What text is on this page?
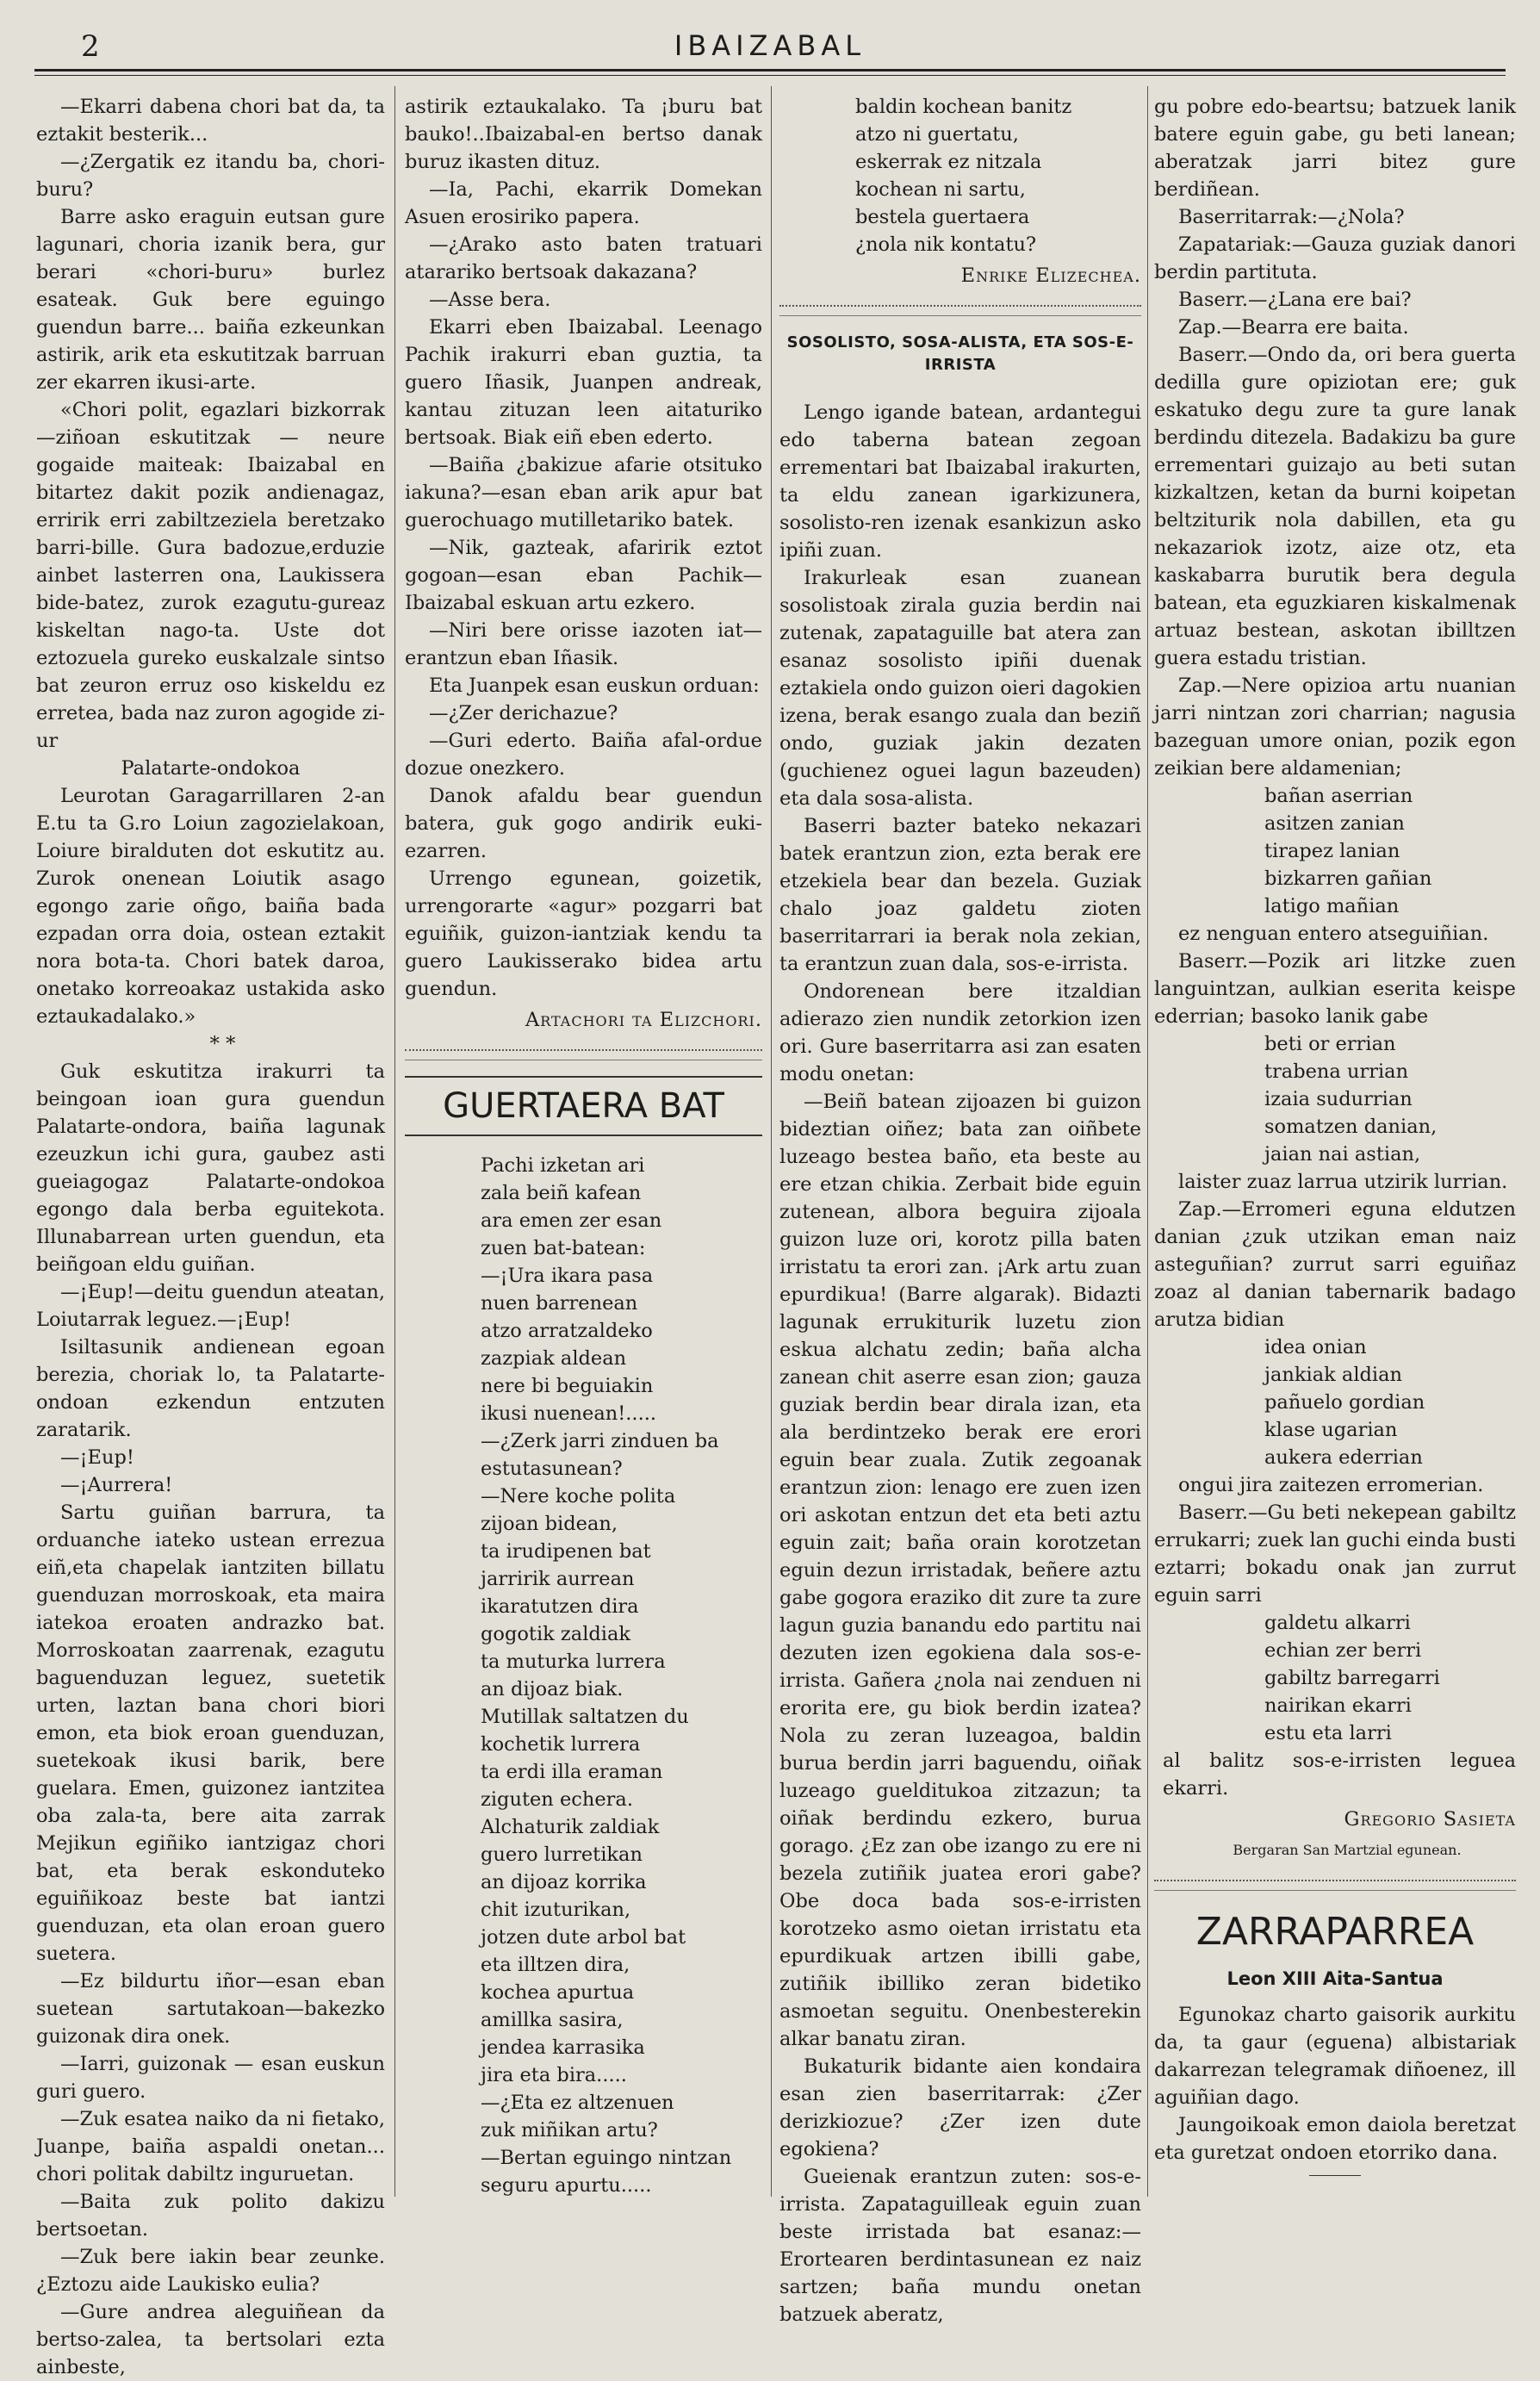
2	IBAIZABAL

—Ekarri dabena chori bat da, ta eztakit besterik...

—¿Zergatik ez itandu ba, chori-buru?

Barre asko eraguin eutsan gure lagunari, choria izanik bera, gur berari «chori-buru» burlez esateak. Guk bere eguingo guendun barre... baiña ezkeunkan astirik, arik eta eskutitzak barruan zer ekarren ikusi-arte.

«Chori polit, egazlari bizkorrak—ziñoan eskutitzak — neure gogaide maiteak: Ibaizabal en bitartez dakit pozik andienagaz, erririk erri zabiltzeziela beretzako barri-bille. Gura badozue,erduzie ainbet lasterren ona, Laukissera bide-batez, zurok ezagutu-gureaz kiskeltan nago-ta. Uste dot eztozuela gureko euskalzale sintso bat zeuron erruz oso kiskeldu ez erretea, bada naz zuron agogide zi-ur

Palatarte-ondokoa

Leurotan Garagarrillaren 2-an E.tu ta G.ro Loiun zagozielakoan, Loiure biralduten dot eskutitz au. Zurok onenean Loiutik asago egongo zarie oñgo, baiña bada ezpadan orra doia, ostean eztakit nora bota-ta. Chori batek daroa, onetako korreoakaz ustakida asko eztaukadalako.»

* *

Guk eskutitza irakurri ta beingoan ioan gura guendun Palatarte-ondora, baiña lagunak ezeuzkun ichi gura, gaubez asti gueiagogaz Palatarte-ondokoa egongo dala berba eguitekota. Illunabarrean urten guendun, eta beiñgoan eldu guiñan.

—¡Eup!—deitu guendun ateatan, Loiutarrak leguez.—¡Eup!

Isiltasunik andienean egoan berezia, choriak lo, ta Palatarte-ondoan ezkendun entzuten zaratarik.

—¡Eup!

—¡Aurrera!

Sartu guiñan barrura, ta orduanche iateko ustean errezua eiñ,eta chapelak iantziten billatu guenduzan morroskoak, eta maira iatekoa eroaten andrazko bat. Morroskoatan zaarrenak, ezagutu baguenduzan leguez, suetetik urten, laztan bana chori biori emon, eta biok eroan guenduzan, suetekoak ikusi barik, bere guelara. Emen, guizonez iantzitea oba zala-ta, bere aita zarrak Mejikun egiñiko iantzigaz chori bat, eta berak eskonduteko eguiñikoaz beste bat iantzi guenduzan, eta olan eroan guero suetera.

—Ez bildurtu iñor—esan eban suetean sartutakoan—bakezko guizonak dira onek.

—Iarri, guizonak — esan euskun guri guero.

—Zuk esatea naiko da ni fietako, Juanpe, baiña aspaldi onetan... chori politak dabiltz inguruetan.

—Baita zuk polito dakizu bertsoetan.

—Zuk bere iakin bear zeunke. ¿Eztozu aide Laukisko eulia?

—Gure andrea aleguiñean da bertso-zalea, ta bertsolari ezta ainbeste,

astirik eztaukalako. Ta ¡buru bat bauko!..Ibaizabal-en bertso danak buruz ikasten dituz.

—Ia, Pachi, ekarrik Domekan Asuen erosiriko papera.

—¿Arako asto baten tratuari atarariko bertsoak dakazana?

—Asse bera.

Ekarri eben Ibaizabal. Leenago Pachik irakurri eban guztia, ta guero Iñasik, Juanpen andreak, kantau zituzan leen aitaturiko bertsoak. Biak eiñ eben ederto.

—Baiña ¿bakizue afarie otsituko iakuna?—esan eban arik apur bat guerochuago mutilletariko batek.

—Nik, gazteak, afaririk eztot gogoan—esan eban Pachik—Ibaizabal eskuan artu ezkero.

—Niri bere orisse iazoten iat—erantzun eban Iñasik.

Eta Juanpek esan euskun orduan:

—¿Zer derichazue?

—Guri ederto. Baiña afal-ordue dozue onezkero.

Danok afaldu bear guendun batera, guk gogo andirik euki-ezarren.

Urrengo egunean, goizetik, urrengorarte «agur» pozgarri bat eguiñik, guizon-iantziak kendu ta guero Laukisserako bidea artu guendun.

Artachori ta Elizchori.

GUERTAERA BAT

Pachi izketan ari

zala beiñ kafean

ara emen zer esan

zuen bat-batean:

—¡Ura ikara pasa

nuen barrenean

atzo arratzaldeko

zazpiak aldean

nere bi beguiakin

ikusi nuenean!.....

—¿Zerk jarri zinduen ba

estutasunean?

—Nere koche polita

zijoan bidean,

ta irudipenen bat

jarririk aurrean

ikaratutzen dira

gogotik zaldiak

ta muturka lurrera

an dijoaz biak.

Mutillak saltatzen du

kochetik lurrera

ta erdi illa eraman

ziguten echera.

Alchaturik zaldiak

guero lurretikan

an dijoaz korrika

chit izuturikan,

jotzen dute arbol bat

eta illtzen dira,

kochea apurtua

amillka sasira,

jendea karrasika

jira eta bira.....

—¿Eta ez altzenuen

zuk miñikan artu?

—Bertan eguingo nintzan

seguru apurtu.....

baldin kochean banitz

atzo ni guertatu,

eskerrak ez nitzala

kochean ni sartu,

bestela guertaera

¿nola nik kontatu?

Enrike Elizechea.

SOSOLISTO, SOSA-ALISTA, ETA SOS-E-IRRISTA

Lengo igande batean, ardantegui edo taberna batean zegoan errementari bat Ibaizabal irakurten, ta eldu zanean igarkizunera, sosolisto-ren izenak esankizun asko ipiñi zuan.

Irakurleak esan zuanean sosolistoak zirala guzia berdin nai zutenak, zapataguille bat atera zan esanaz sosolisto ipiñi duenak eztakiela ondo guizon oieri dagokien izena, berak esango zuala dan beziñ ondo, guziak jakin dezaten (guchienez oguei lagun bazeuden) eta dala sosa-alista.

Baserri bazter bateko nekazari batek erantzun zion, ezta berak ere etzekiela bear dan bezela. Guziak chalo joaz galdetu zioten baserritarrari ia berak nola zekian, ta erantzun zuan dala, sos-e-irrista.

Ondorenean bere itzaldian adierazo zien nundik zetorkion izen ori. Gure baserritarra asi zan esaten modu onetan:

—Beiñ batean zijoazen bi guizon bideztian oiñez; bata zan oiñbete luzeago bestea baño, eta beste au ere etzan chikia. Zerbait bide eguin zutenean, albora beguira zijoala guizon luze ori, korotz pilla baten irristatu ta erori zan. ¡Ark artu zuan epurdikua! (Barre algarak). Bidazti lagunak errukiturik luzetu zion eskua alchatu zedin; baña alcha zanean chit aserre esan zion; gauza guziak berdin bear dirala izan, eta ala berdintzeko berak ere erori eguin bear zuala. Zutik zegoanak erantzun zion: lenago ere zuen izen ori askotan entzun det eta beti aztu eguin zait; baña orain korotzetan eguin dezun irristadak, beñere aztu gabe gogora eraziko dit zure ta zure lagun guzia banandu edo partitu nai dezuten izen egokiena dala sos-e-irrista. Gañera ¿nola nai zenduen ni erorita ere, gu biok berdin izatea? Nola zu zeran luzeagoa, baldin burua berdin jarri baguendu, oiñak luzeago guelditukoa zitzazun; ta oiñak berdindu ezkero, burua gorago. ¿Ez zan obe izango zu ere ni bezela zutiñik juatea erori gabe? Obe doca bada sos-e-irristen korotzeko asmo oietan irristatu eta epurdikuak artzen ibilli gabe, zutiñik ibilliko zeran bidetiko asmoetan seguitu. Onenbesterekin alkar banatu ziran.

Bukaturik bidante aien kondaira esan zien baserritarrak: ¿Zer derizkiozue? ¿Zer izen dute egokiena?

Gueienak erantzun zuten: sos-e-irrista. Zapataguilleak eguin zuan beste irristada bat esanaz:—Erortearen berdintasunean ez naiz sartzen; baña mundu onetan batzuek aberatz,

gu pobre edo-beartsu; batzuek lanik batere eguin gabe, gu beti lanean; aberatzak jarri bitez gure berdiñean.

Baserritarrak:—¿Nola?

Zapatariak:—Gauza guziak danori berdin partituta.

Baserr.—¿Lana ere bai?

Zap.—Bearra ere baita.

Baserr.—Ondo da, ori bera guerta dedilla gure opiziotan ere; guk eskatuko degu zure ta gure lanak berdindu ditezela. Badakizu ba gure errementari guizajo au beti sutan kizkaltzen, ketan da burni koipetan beltziturik nola dabillen, eta gu nekazariok izotz, aize otz, eta kaskabarra burutik bera degula batean, eta eguzkiaren kiskalmenak artuaz bestean, askotan ibilltzen guera estadu tristian.

Zap.—Nere opizioa artu nuanian jarri nintzan zori charrian; nagusia bazeguan umore onian, pozik egon zeikian bere aldamenian;

bañan aserrian

asitzen zanian

tirapez lanian

bizkarren gañian

latigo mañian

ez nenguan entero atseguiñian.

Baserr.—Pozik ari litzke zuen languintzan, aulkian eserita keispe ederrian; basoko lanik gabe

beti or errian

trabena urrian

izaia sudurrian

somatzen danian,

jaian nai astian,

laister zuaz larrua utzirik lurrian.

Zap.—Erromeri eguna eldutzen danian ¿zuk utzikan eman naiz asteguñian? zurrut sarri eguiñaz zoaz al danian tabernarik badago arutza bidian

idea onian

jankiak aldian

pañuelo gordian

klase ugarian

aukera ederrian

ongui jira zaitezen erromerian.

Baserr.—Gu beti nekepean gabiltz errukarri; zuek lan guchi einda busti eztarri; bokadu onak jan zurrut eguin sarri

galdetu alkarri

echian zer berri

gabiltz barregarri

nairikan ekarri

estu eta larri

al balitz sos-e-irristen leguea ekarri.

Gregorio Sasieta

Bergaran San Martzial egunean.

ZARRAPARREA
Leon XIII Aita-Santua

Egunokaz charto gaisorik aurkitu da, ta gaur (eguena) albistariak dakarrezan telegramak diñoenez, ill aguiñian dago.

Jaungoikoak emon daiola beretzat eta guretzat ondoen etorriko dana.
